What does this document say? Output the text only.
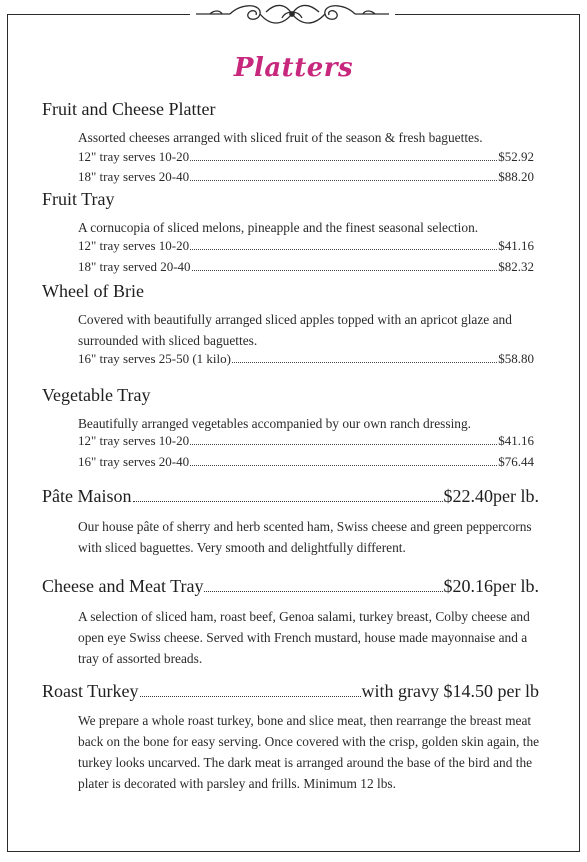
Platters
Fruit and Cheese Platter
Assorted cheeses arranged with sliced fruit of the season & fresh baguettes.
12" tray serves 10-20	$52.92
18" tray serves 20-40	$88.20
Fruit Tray
A cornucopia of sliced melons, pineapple and the finest seasonal selection.
12" tray serves 10-20	$41.16
18" tray served 20-40	$82.32
Wheel of Brie
Covered with beautifully arranged sliced apples topped with an apricot glaze and surrounded with sliced baguettes.
16" tray serves 25-50 (1 kilo)	$58.80
Vegetable Tray
Beautifully arranged vegetables accompanied by our own ranch dressing.
12" tray serves 10-20	$41.16
16" tray serves 20-40	$76.44
Pâte Maison	$22.40per lb.
Our house pâte of sherry and herb scented ham, Swiss cheese and green peppercorns with sliced baguettes. Very smooth and delightfully different.
Cheese and Meat Tray	$20.16per lb.
A selection of sliced ham, roast beef, Genoa salami, turkey breast, Colby cheese and open eye Swiss cheese. Served with French mustard, house made mayonnaise and a tray of assorted breads.
Roast Turkey	with gravy $14.50 per lb
We prepare a whole roast turkey, bone and slice meat, then rearrange the breast meat back on the bone for easy serving. Once covered with the crisp, golden skin again, the turkey looks uncarved. The dark meat is arranged around the base of the bird and the plater is decorated with parsley and frills. Minimum 12 lbs.
